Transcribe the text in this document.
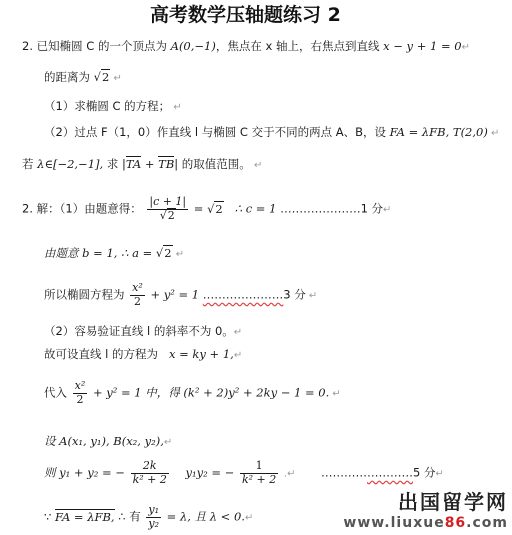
高考数学压轴题练习 2
2. 已知椭圆 C 的一个顶点为 A(0,−1)，焦点在 x 轴上，右焦点到直线 x − y + 1 = 0↵
的距离为 √2 ↵
（1）求椭圆 C 的方程； ↵
（2）过点 F（1，0）作直线 l 与椭圆 C 交于不同的两点 A、B，设 FA = λFB, T(2,0) ↵
若 λ∈[−2,−1], 求 |TA + TB| 的取值范围。 ↵
2. 解：（1）由题意得： $\frac{|c + 1|}{√2} = √2$ ∴ c = 1 …………………1 分↵
由题意 b = 1, ∴ a = √2 ↵
所以椭圆方程为 $\frac{\text{x²}}{2} + y^2 = 1$ …………………3 分 ↵
（2）容易验证直线 l 的斜率不为 0。↵
故可设直线 l 的方程为 x = ky + 1,↵
代入 $\frac{\text{x²}}{2} + y^2 = 1$ 中，得 (k² + 2)y² + 2ky − 1 = 0. ↵
设 A(x₁, y₁), B(x₂, y₂),↵
则 y₁ + y₂ = − $\frac{2k}{\text{k² + 2}} y_1y_2$ = − $\frac{1}{\text{k² + 2}}$ .↵ ……………………5 分↵
∵ FA = λFB, ∴ 有 $\frac{\text{y₁}}{\text{y₂}} = \lambda$, 且 λ < 0.↵
出国留学网
www.liuxue86.com
